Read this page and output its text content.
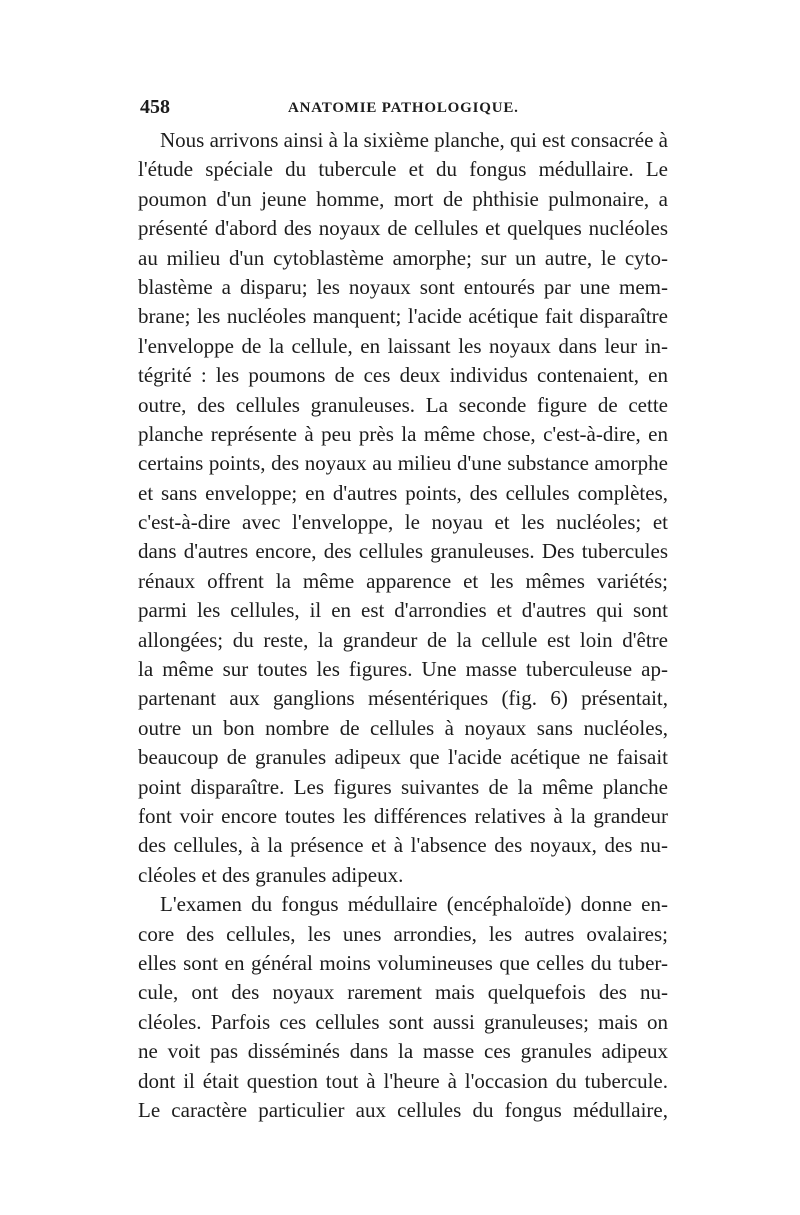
458	ANATOMIE PATHOLOGIQUE.
Nous arrivons ainsi à la sixième planche, qui est consacrée à
l'étude spéciale du tubercule et du fongus médullaire. Le
poumon d'un jeune homme, mort de phthisie pulmonaire, a
présenté d'abord des noyaux de cellules et quelques nucléoles
au milieu d'un cytoblastème amorphe; sur un autre, le cyto-
blastème a disparu; les noyaux sont entourés par une mem-
brane; les nucléoles manquent; l'acide acétique fait disparaître
l'enveloppe de la cellule, en laissant les noyaux dans leur in-
tégrité : les poumons de ces deux individus contenaient, en
outre, des cellules granuleuses. La seconde figure de cette
planche représente à peu près la même chose, c'est-à-dire, en
certains points, des noyaux au milieu d'une substance amorphe
et sans enveloppe; en d'autres points, des cellules complètes,
c'est-à-dire avec l'enveloppe, le noyau et les nucléoles; et
dans d'autres encore, des cellules granuleuses. Des tubercules
rénaux offrent la même apparence et les mêmes variétés;
parmi les cellules, il en est d'arrondies et d'autres qui sont
allongées; du reste, la grandeur de la cellule est loin d'être
la même sur toutes les figures. Une masse tuberculeuse ap-
partenant aux ganglions mésentériques (fig. 6) présentait,
outre un bon nombre de cellules à noyaux sans nucléoles,
beaucoup de granules adipeux que l'acide acétique ne faisait
point disparaître. Les figures suivantes de la même planche
font voir encore toutes les différences relatives à la grandeur
des cellules, à la présence et à l'absence des noyaux, des nu-
cléoles et des granules adipeux.
L'examen du fongus médullaire (encéphaloïde) donne en-
core des cellules, les unes arrondies, les autres ovalaires;
elles sont en général moins volumineuses que celles du tuber-
cule, ont des noyaux rarement mais quelquefois des nu-
cléoles. Parfois ces cellules sont aussi granuleuses; mais on
ne voit pas disséminés dans la masse ces granules adipeux
dont il était question tout à l'heure à l'occasion du tubercule.
Le caractère particulier aux cellules du fongus médullaire,
